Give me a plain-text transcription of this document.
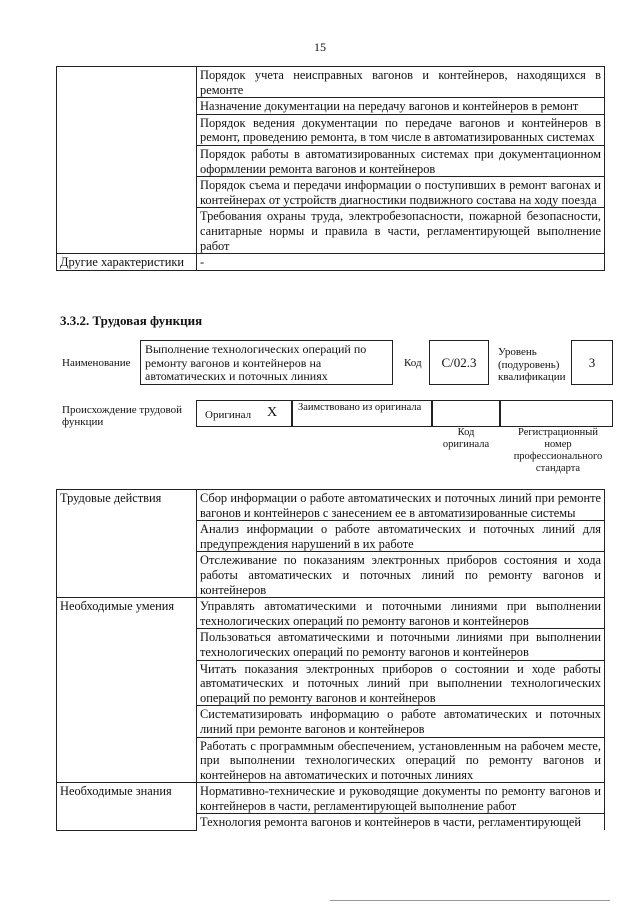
15
	Порядок учета неисправных вагонов и контейнеров, находящихся в ремонте
	Назначение документации на передачу вагонов и контейнеров в ремонт
	Порядок ведения документации по передаче вагонов и контейнеров в ремонт, проведению ремонта, в том числе в автоматизированных системах
	Порядок работы в автоматизированных системах при документационном оформлении ремонта вагонов и контейнеров
	Порядок съема и передачи информации о поступивших в ремонт вагонах и контейнерах от устройств диагностики подвижного состава на ходу поезда
	Требования охраны труда, электробезопасности, пожарной безопасности, санитарные нормы и правила в части, регламентирующей выполнение работ
Другие характеристики	-
3.3.2. Трудовая функция
Наименование
Выполнение технологических операций по ремонту вагонов и контейнеров на автоматических и поточных линиях
Код	C/02.3
Уровень (подуровень) квалификации
3
Происхождение трудовой функции
Оригинал X	Заимствовано из оригинала
Код оригинала
Регистрационный номер профессионального стандарта
Трудовые действия	Сбор информации о работе автоматических и поточных линий при ремонте вагонов и контейнеров с занесением ее в автоматизированные системы
	Анализ информации о работе автоматических и поточных линий для предупреждения нарушений в их работе
	Отслеживание по показаниям электронных приборов состояния и хода работы автоматических и поточных линий по ремонту вагонов и контейнеров
Необходимые умения	Управлять автоматическими и поточными линиями при выполнении технологических операций по ремонту вагонов и контейнеров
	Пользоваться автоматическими и поточными линиями при выполнении технологических операций по ремонту вагонов и контейнеров
	Читать показания электронных приборов о состоянии и ходе работы автоматических и поточных линий при выполнении технологических операций по ремонту вагонов и контейнеров
	Систематизировать информацию о работе автоматических и поточных линий при ремонте вагонов и контейнеров
	Работать с программным обеспечением, установленным на рабочем месте, при выполнении технологических операций по ремонту вагонов и контейнеров на автоматических и поточных линиях
Необходимые знания	Нормативно-технические и руководящие документы по ремонту вагонов и контейнеров в части, регламентирующей выполнение работ
	Технология ремонта вагонов и контейнеров в части, регламентирующей
